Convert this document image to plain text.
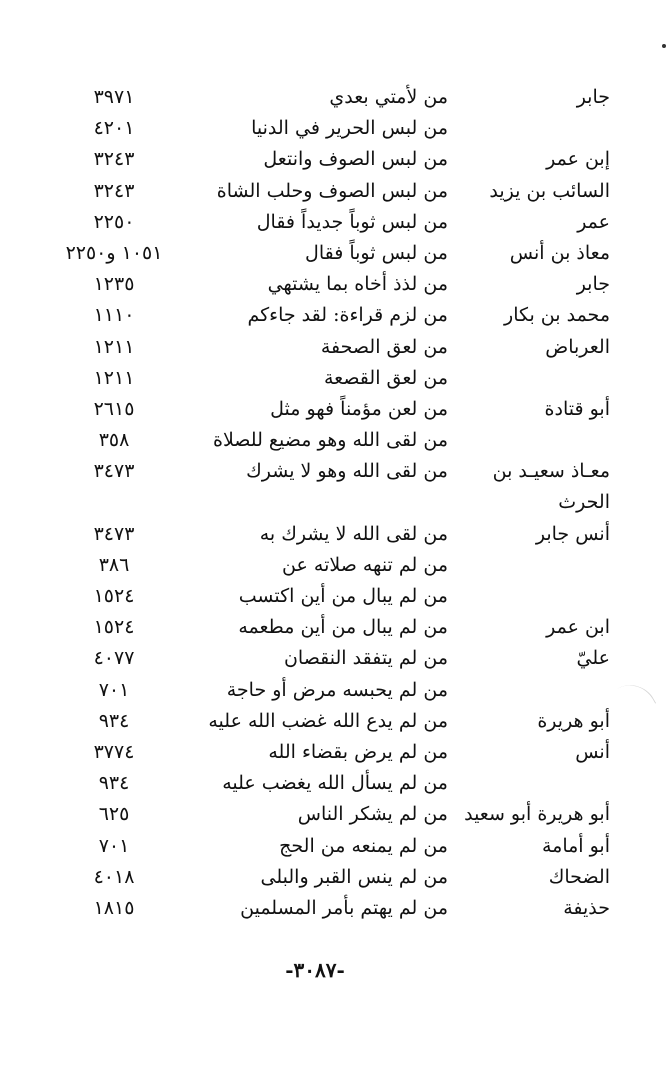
جابر
من لأمتي بعدي
٣٩٧١
من لبس الحرير في الدنيا
٤٢٠١
إبن عمر
من لبس الصوف وانتعل
٣٢٤٣
السائب بن يزيد
من لبس الصوف وحلب الشاة
٣٢٤٣
عمر
من لبس ثوباً جديداً فقال
٢٢٥٠
معاذ بن أنس
من لبس ثوباً فقال
١٠٥١ و٢٢٥٠
جابر
من لذذ أخاه بما يشتهي
١٢٣٥
محمد بن بكار
من لزم قراءة: لقد جاءكم
١١١٠
العرباض
من لعق الصحفة
١٢١١
من لعق القصعة
١٢١١
أبو قتادة
من لعن مؤمناً فهو مثل
٢٦١٥
من لقى الله وهو مضيع للصلاة
٣٥٨
معـاذ سعيـد بن
من لقى الله وهو لا يشرك
٣٤٧٣
الحرث
أنس جابر
من لقى الله لا يشرك به
٣٤٧٣
من لم تنهه صلاته عن
٣٨٦
من لم يبال من أين اكتسب
١٥٢٤
ابن عمر
من لم يبال من أين مطعمه
١٥٢٤
عليّ
من لم يتفقد النقصان
٤٠٧٧
من لم يحبسه مرض أو حاجة
٧٠١
أبو هريرة
من لم يدع الله غضب الله عليه
٩٣٤
أنس
من لم يرض بقضاء الله
٣٧٧٤
من لم يسأل الله يغضب عليه
٩٣٤
أبو هريرة أبو سعيد
من لم يشكر الناس
٦٢٥
أبو أمامة
من لم يمنعه من الحج
٧٠١
الضحاك
من لم ينس القبر والبلى
٤٠١٨
حذيفة
من لم يهتم بأمر المسلمين
١٨١٥
-٣٠٨٧-
